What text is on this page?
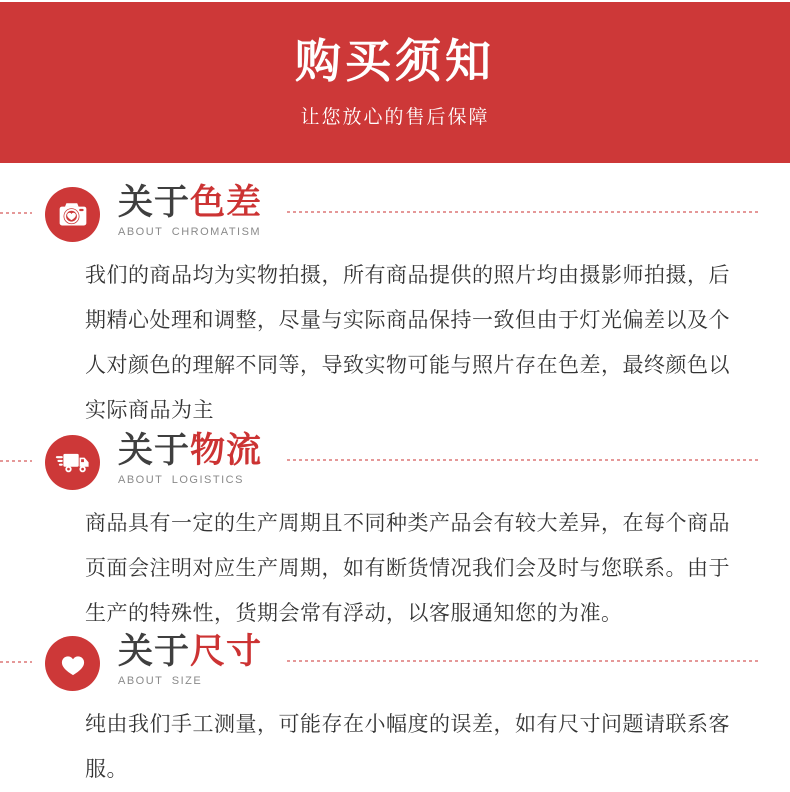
购买须知
让您放心的售后保障
关于色差
ABOUT CHROMATISM

我们的商品均为实物拍摄，所有商品提供的照片均由摄影师拍摄，后期精心处理和调整，尽量与实际商品保持一致但由于灯光偏差以及个人对颜色的理解不同等，导致实物可能与照片存在色差，最终颜色以实际商品为主

关于物流
ABOUT LOGISTICS

商品具有一定的生产周期且不同种类产品会有较大差异，在每个商品页面会注明对应生产周期，如有断货情况我们会及时与您联系。由于生产的特殊性，货期会常有浮动，以客服通知您的为准。

关于尺寸
ABOUT SIZE

纯由我们手工测量，可能存在小幅度的误差，如有尺寸问题请联系客服。
